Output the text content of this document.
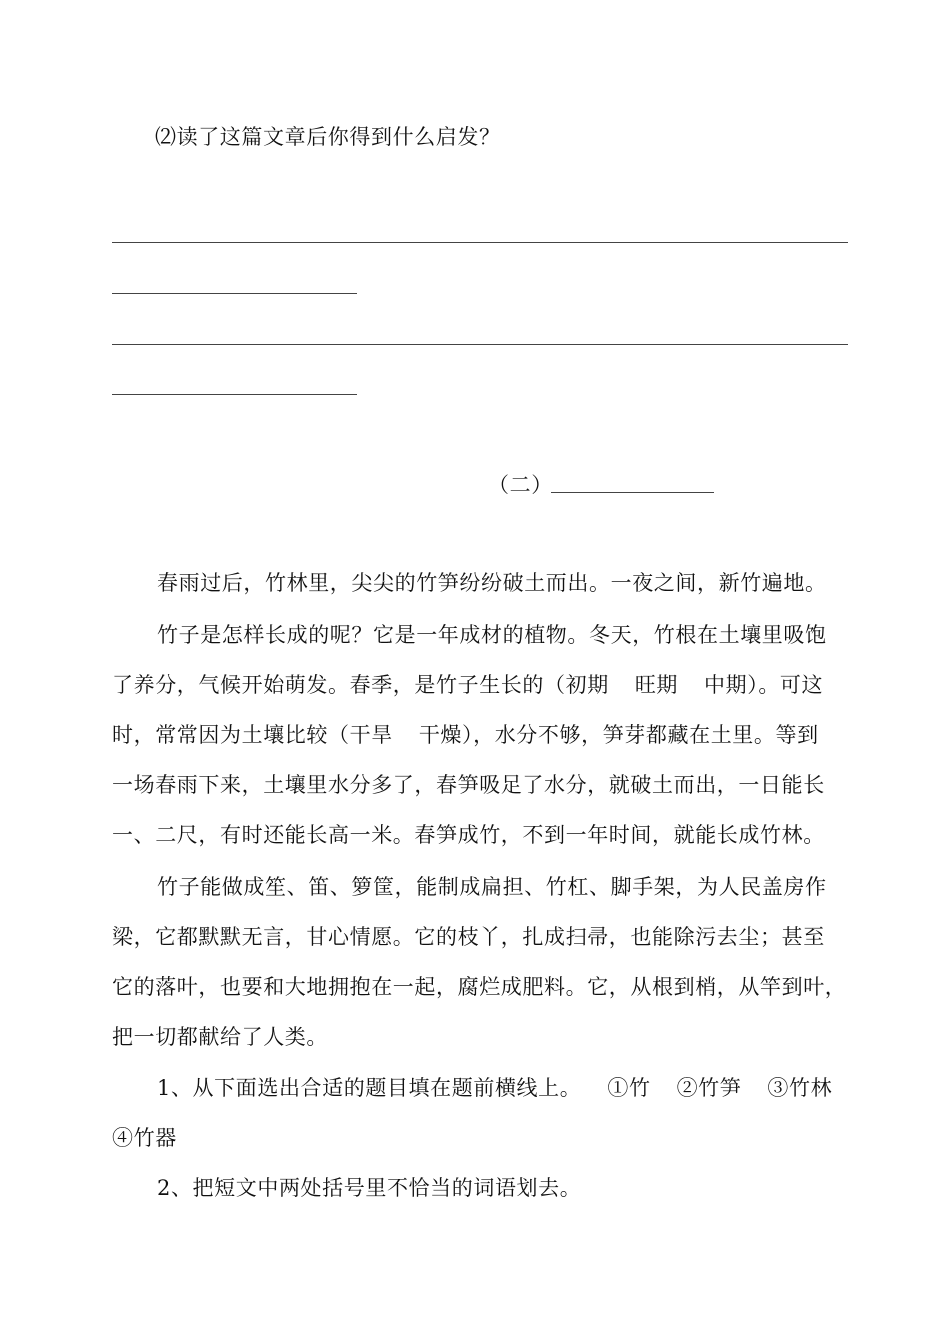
⑵读了这篇文章后你得到什么启发？
（二）
春雨过后，竹林里，尖尖的竹笋纷纷破土而出。一夜之间，新竹遍地。
竹子是怎样长成的呢？它是一年成材的植物。冬天，竹根在土壤里吸饱
了养分，气候开始萌发。春季，是竹子生长的（初期 旺期 中期）。可这
时，常常因为土壤比较（干旱 干燥），水分不够，笋芽都藏在土里。等到
一场春雨下来，土壤里水分多了，春笋吸足了水分，就破土而出，一日能长
一、二尺，有时还能长高一米。春笋成竹，不到一年时间，就能长成竹林。
竹子能做成笙、笛、箩筐，能制成扁担、竹杠、脚手架，为人民盖房作
梁，它都默默无言，甘心情愿。它的枝丫，扎成扫帚，也能除污去尘；甚至
它的落叶，也要和大地拥抱在一起，腐烂成肥料。它，从根到梢，从竿到叶，
把一切都献给了人类。
1、从下面选出合适的题目填在题前横线上。 ①竹 ②竹笋 ③竹林
④竹器
2、把短文中两处括号里不恰当的词语划去。
